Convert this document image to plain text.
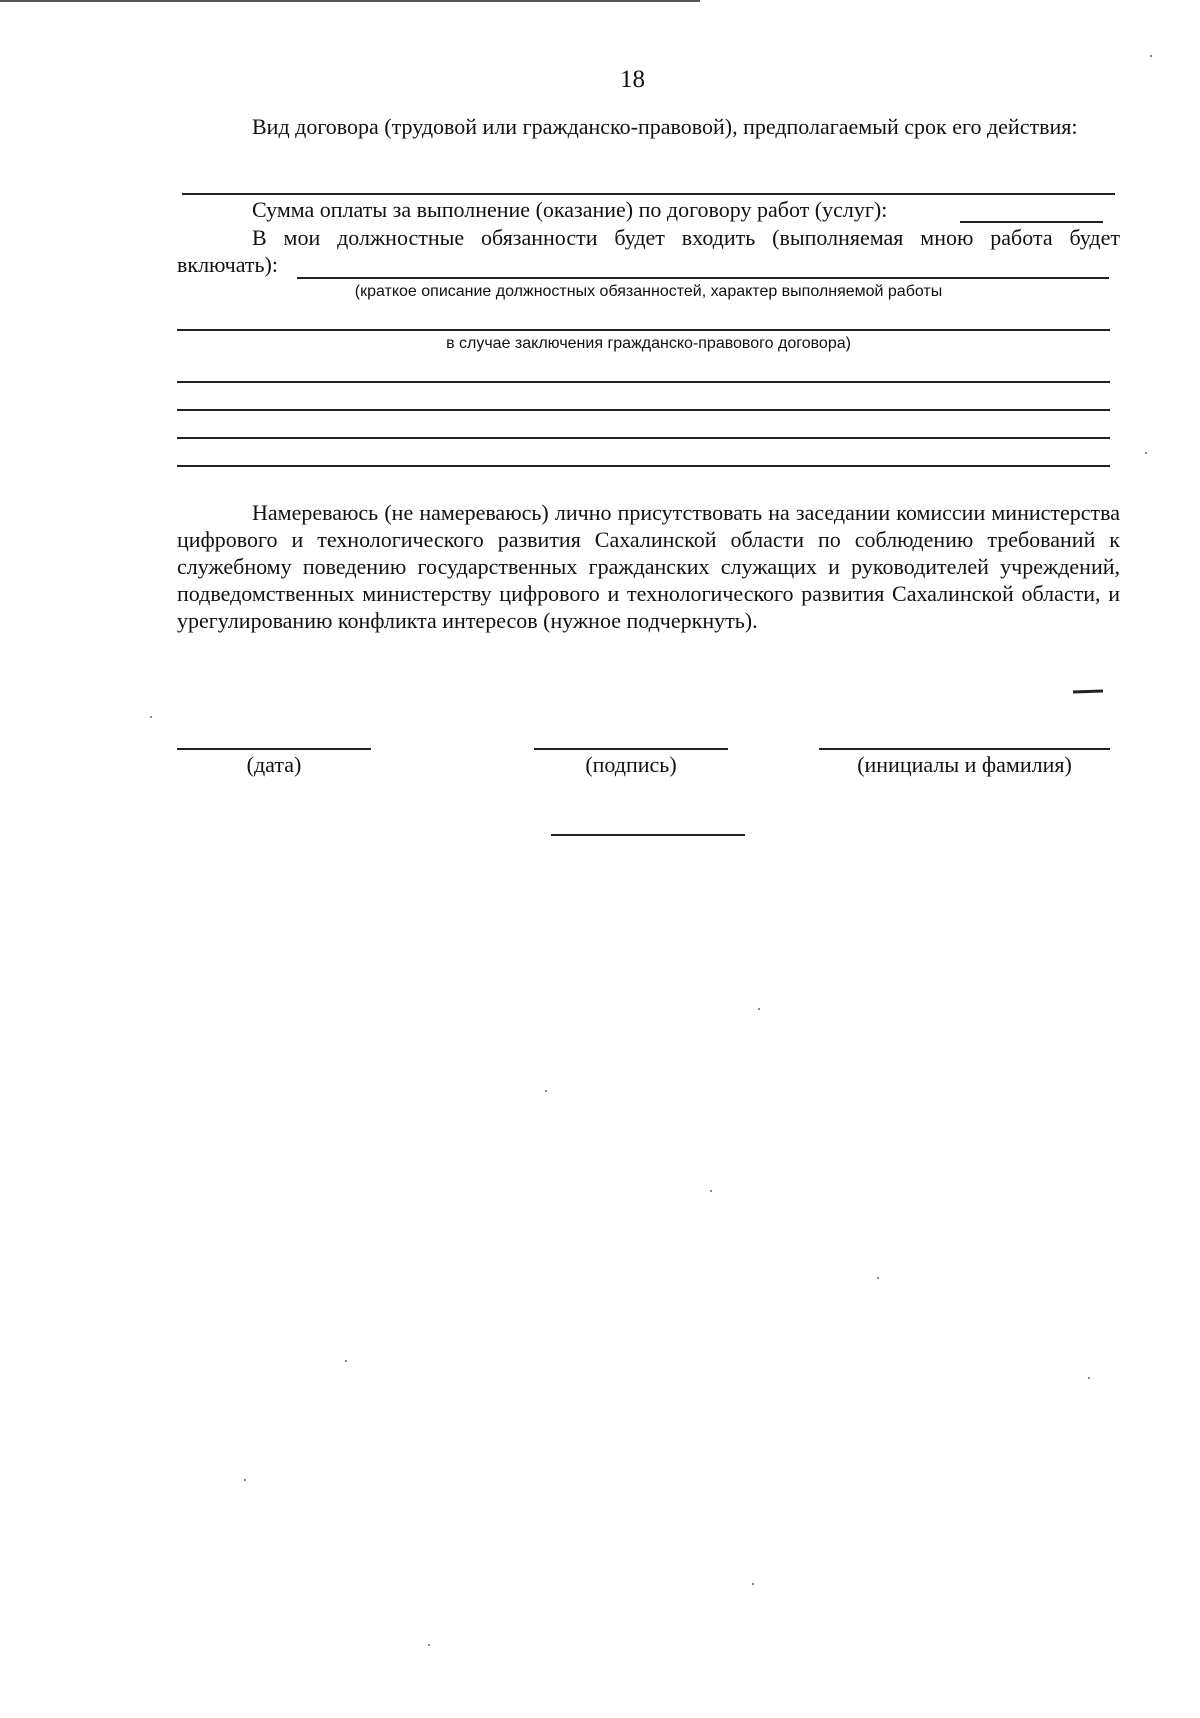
18
Вид договора (трудовой или гражданско-правовой), предполагаемый срок его действия:
Сумма оплаты за выполнение (оказание) по договору работ (услуг):
В мои должностные обязанности будет входить (выполняемая мною работа будет включать):
(краткое описание должностных обязанностей, характер выполняемой работы
в случае заключения гражданско-правового договора)
Намереваюсь (не намереваюсь) лично присутствовать на заседании комиссии министерства цифрового и технологического развития Сахалинской области по соблюдению требований к служебному поведению государственных гражданских служащих и руководителей учреждений, подведомственных министерству цифрового и технологического развития Сахалинской области, и урегулированию конфликта интересов (нужное подчеркнуть).
(дата)	(подпись)	(инициалы и фамилия)
